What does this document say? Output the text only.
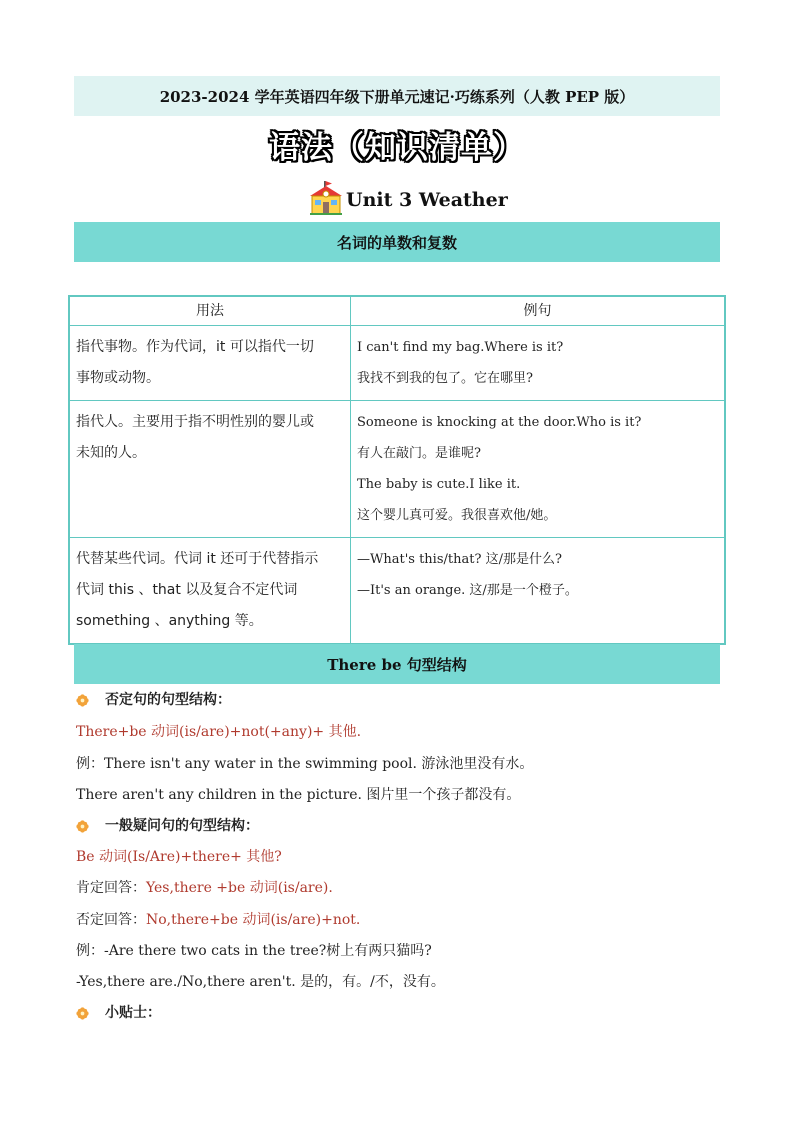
2023-2024 学年英语四年级下册单元速记·巧练系列（人教 PEP 版）
语法（知识清单）
Unit 3 Weather
名词的单数和复数
用法	例句

指代事物。作为代词，it 可以指代一切
事物或动物。	I can't find my bag.Where is it?
我找不到我的包了。它在哪里?

指代人。主要用于指不明性别的婴儿或
未知的人。	Someone is knocking at the door.Who is it?
有人在敲门。是谁呢?
The baby is cute.I like it.
这个婴儿真可爱。我很喜欢他/她。

代替某些代词。代词 it 还可于代替指示
代词 this 、that 以及复合不定代词
something 、anything 等。	—What's this/that? 这/那是什么?
—It's an orange. 这/那是一个橙子。
There be 句型结构
否定句的句型结构：
There+be 动词(is/are)+not(+any)+ 其他.
例：There isn't any water in the swimming pool. 游泳池里没有水。
There aren't any children in the picture. 图片里一个孩子都没有。
一般疑问句的句型结构：
Be 动词(Is/Are)+there+ 其他?
肯定回答：Yes,there +be 动词(is/are).
否定回答：No,there+be 动词(is/are)+not.
例：-Are there two cats in the tree?树上有两只猫吗?
-Yes,there are./No,there aren't. 是的，有。/不，没有。
小贴士：
